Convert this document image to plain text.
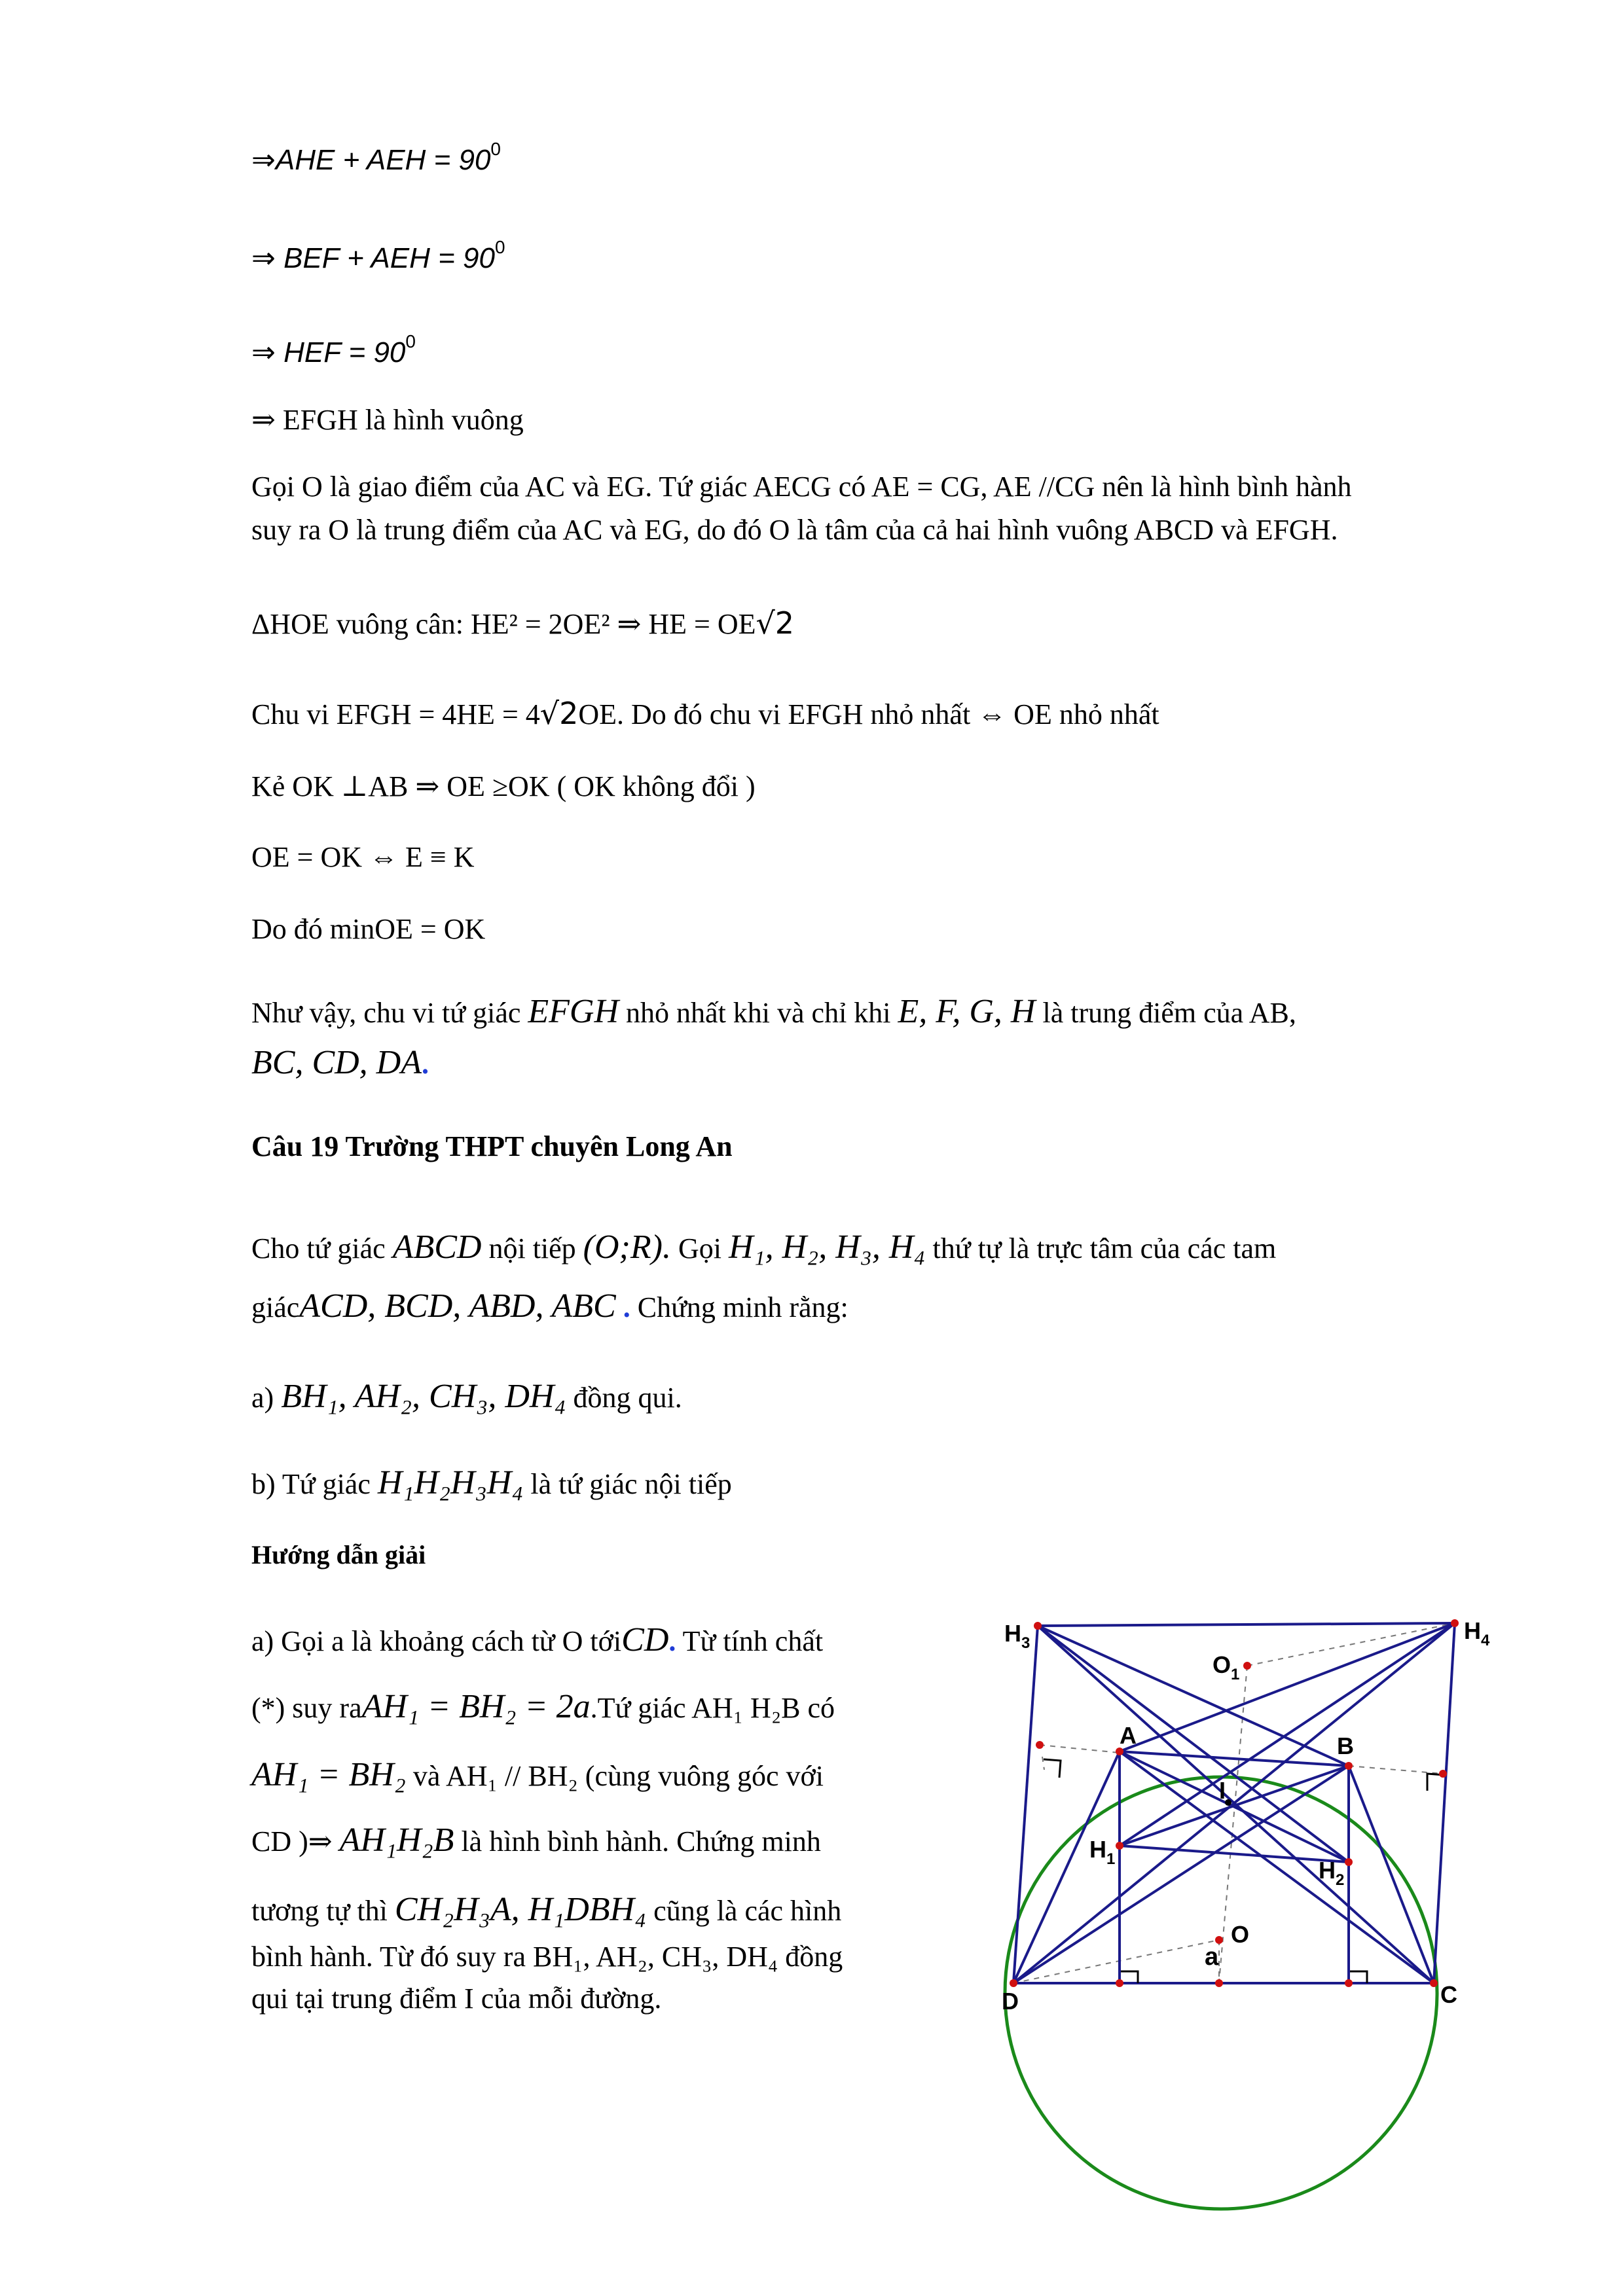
⇒AHE + AEH = $90^0$
⇒ BEF + AEH = $90^0$
⇒ HEF = $90^0$
⇒ EFGH là hình vuông
Gọi O là giao điểm của AC và EG. Tứ giác AECG có AE = CG, AE //CG nên là hình bình hành
suy ra O là trung điểm của AC và EG, do đó O là tâm của cả hai hình vuông ABCD và EFGH.
ΔHOE vuông cân: HE² = 2OE² ⇒ HE = OE√2
Chu vi EFGH = 4HE = 4√2OE. Do đó chu vi EFGH nhỏ nhất ⇔ OE nhỏ nhất
Kẻ OK ⊥AB ⇒ OE ≥OK ( OK không đổi )
OE = OK ⇔ E ≡ K
Do đó minOE = OK
Như vậy, chu vi tứ giác EFGH nhỏ nhất khi và chỉ khi E, F, G, H là trung điểm của AB,
BC, CD, DA.
Câu 19 Trường THPT chuyên Long An
Cho tứ giác ABCD nội tiếp (O;R). Gọi H₁, H₂, H₃, H₄ thứ tự là trực tâm của các tam
giácACD, BCD, ABD, ABC . Chứng minh rằng:
a) BH₁, AH₂, CH₃, DH₄ đồng qui.
b) Tứ giác H₁H₂H₃H₄ là tứ giác nội tiếp
Hướng dẫn giải
a) Gọi a là khoảng cách từ O tớiCD. Từ tính chất
(*) suy raAH₁ = BH₂ = 2a.Tứ giác AH₁ H₂B có
AH₁ = BH₂ và AH₁ // BH₂ (cùng vuông góc với
CD )⇒ AH₁H₂B là hình bình hành. Chứng minh
tương tự thì CH₂H₃A, H₁DBH₄ cũng là các hình
bình hành. Từ đó suy ra BH₁, AH₂, CH₃, DH₄ đồng
qui tại trung điểm I của mỗi đường.	D	C
A	B
I
O
a
$H_1$	$H_2$
$H_3$	$H_4$
$O_1$
